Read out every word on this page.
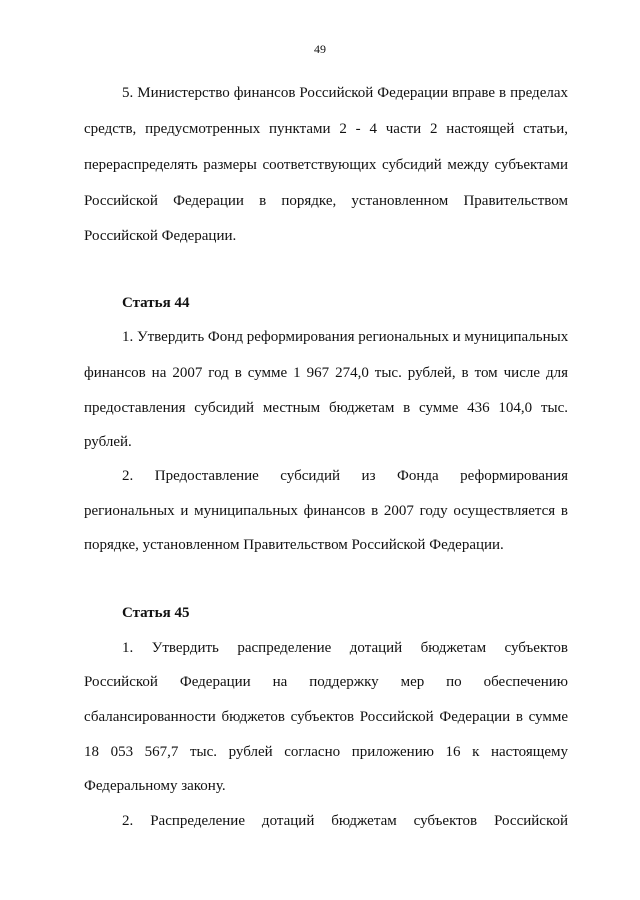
49
5. Министерство финансов Российской Федерации вправе в пределах
средств, предусмотренных пунктами 2 - 4 части 2 настоящей статьи,
перераспределять размеры соответствующих субсидий между субъектами
Российской Федерации в порядке, установленном Правительством
Российской Федерации.
Статья 44
1. Утвердить Фонд реформирования региональных и муниципальных
финансов на 2007 год в сумме 1 967 274,0 тыс. рублей, в том числе для
предоставления субсидий местным бюджетам в сумме 436 104,0 тыс.
рублей.
2. Предоставление субсидий из Фонда реформирования
региональных и муниципальных финансов в 2007 году осуществляется в
порядке, установленном Правительством Российской Федерации.
Статья 45
1. Утвердить распределение дотаций бюджетам субъектов
Российской Федерации на поддержку мер по обеспечению
сбалансированности бюджетов субъектов Российской Федерации в сумме
18 053 567,7 тыс. рублей согласно приложению 16 к настоящему
Федеральному закону.
2. Распределение дотаций бюджетам субъектов Российской
